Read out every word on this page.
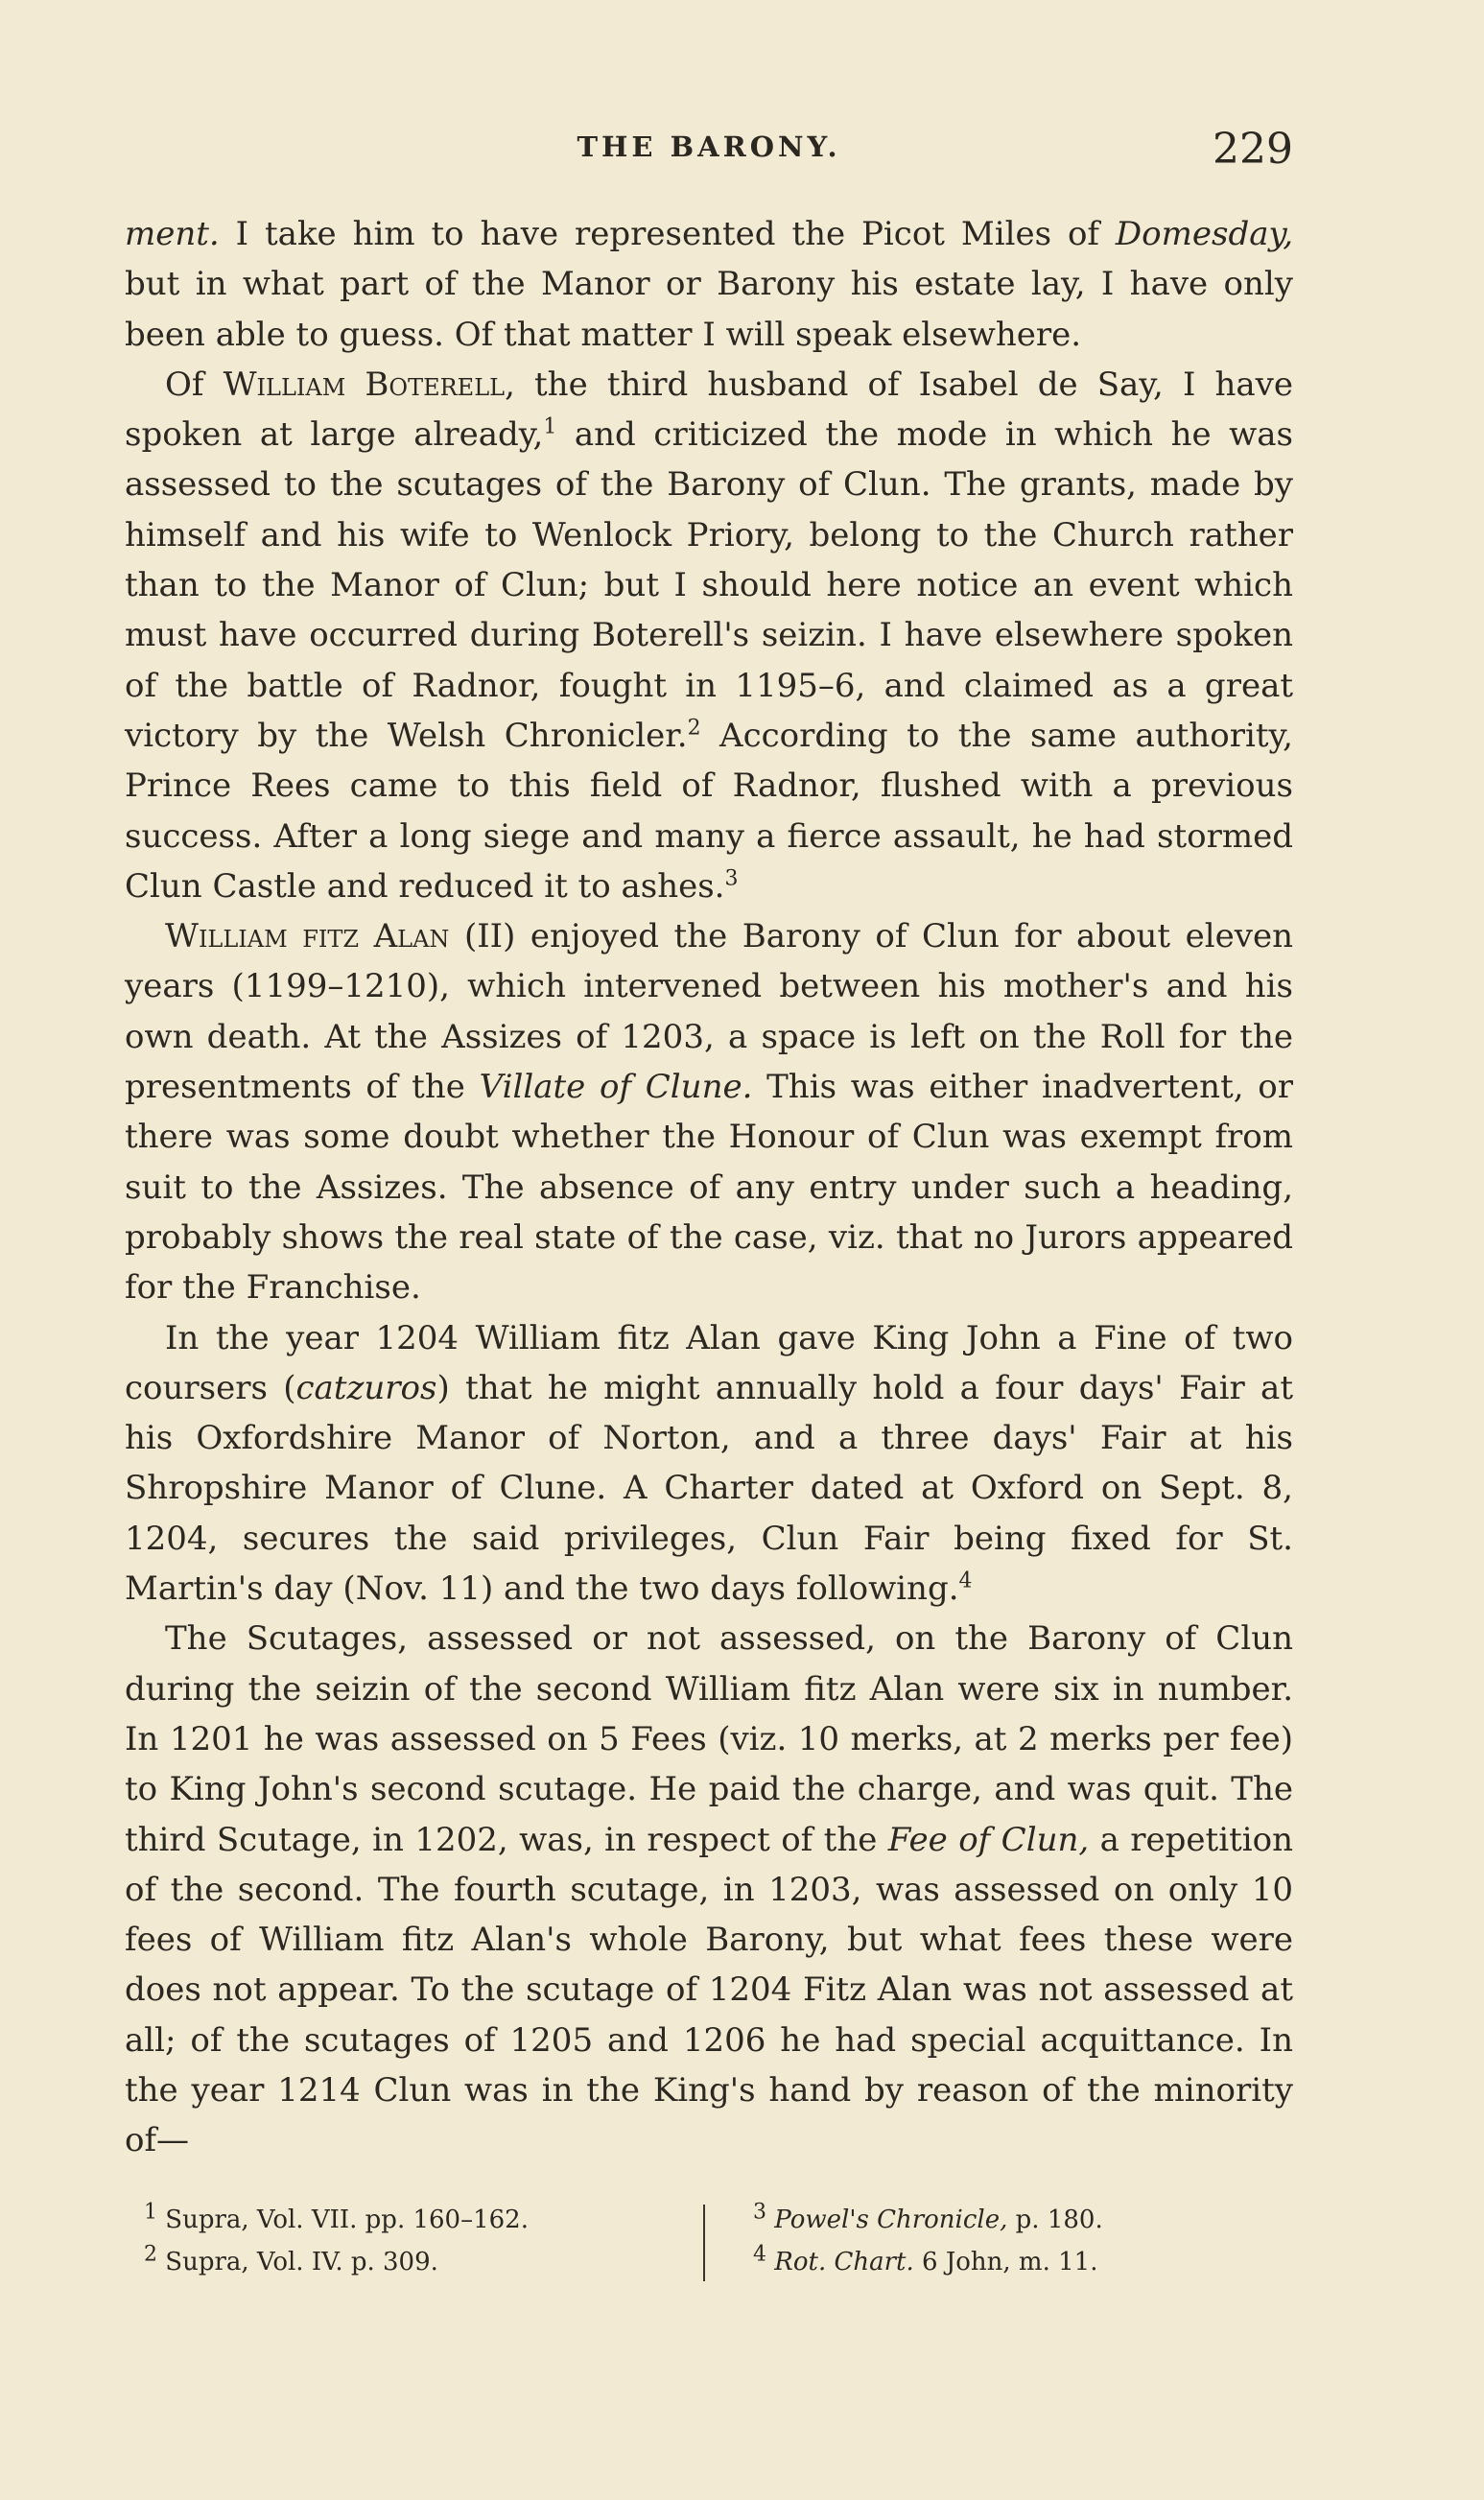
THE BARONY.	229

ment. I take him to have represented the Picot Miles of Domesday, but in what part of the Manor or Barony his estate lay, I have only been able to guess. Of that matter I will speak elsewhere.

Of William Boterell, the third husband of Isabel de Say, I have spoken at large already,$^1$ and criticized the mode in which he was assessed to the scutages of the Barony of Clun. The grants, made by himself and his wife to Wenlock Priory, belong to the Church rather than to the Manor of Clun; but I should here notice an event which must have occurred during Boterell's seizin. I have elsewhere spoken of the battle of Radnor, fought in 1195–6, and claimed as a great victory by the Welsh Chronicler.$^2$ According to the same authority, Prince Rees came to this field of Radnor, flushed with a previous success. After a long siege and many a fierce assault, he had stormed Clun Castle and reduced it to ashes.$^3$

William fitz Alan (II) enjoyed the Barony of Clun for about eleven years (1199–1210), which intervened between his mother's and his own death. At the Assizes of 1203, a space is left on the Roll for the presentments of the Villate of Clune. This was either inadvertent, or there was some doubt whether the Honour of Clun was exempt from suit to the Assizes. The absence of any entry under such a heading, probably shows the real state of the case, viz. that no Jurors appeared for the Franchise.

In the year 1204 William fitz Alan gave King John a Fine of two coursers (catzuros) that he might annually hold a four days' Fair at his Oxfordshire Manor of Norton, and a three days' Fair at his Shropshire Manor of Clune. A Charter dated at Oxford on Sept. 8, 1204, secures the said privileges, Clun Fair being fixed for St. Martin's day (Nov. 11) and the two days following.$^4$

The Scutages, assessed or not assessed, on the Barony of Clun during the seizin of the second William fitz Alan were six in number. In 1201 he was assessed on 5 Fees (viz. 10 merks, at 2 merks per fee) to King John's second scutage. He paid the charge, and was quit. The third Scutage, in 1202, was, in respect of the Fee of Clun, a repetition of the second. The fourth scutage, in 1203, was assessed on only 10 fees of William fitz Alan's whole Barony, but what fees these were does not appear. To the scutage of 1204 Fitz Alan was not assessed at all; of the scutages of 1205 and 1206 he had special acquittance. In the year 1214 Clun was in the King's hand by reason of the minority of—

$^1$ Supra, Vol. VII. pp. 160–162.
$^2$ Supra, Vol. IV. p. 309.
$^3$ Powel's Chronicle, p. 180.
$^4$ Rot. Chart. 6 John, m. 11.
